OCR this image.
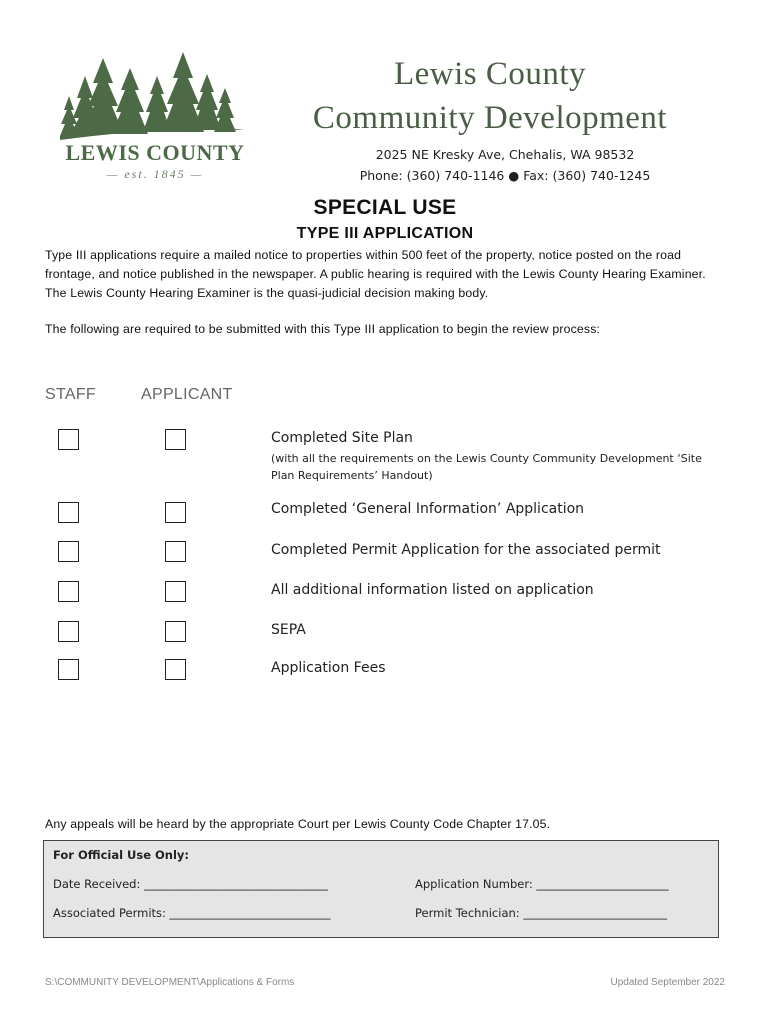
LEWIS COUNTY
— est. 1845 —
Lewis County
Community Development
2025 NE Kresky Ave, Chehalis, WA 98532
Phone: (360) 740-1146 ● Fax: (360) 740-1245
SPECIAL USE
TYPE III APPLICATION
Type III applications require a mailed notice to properties within 500 feet of the property, notice posted on the road frontage, and notice published in the newspaper. A public hearing is required with the Lewis County Hearing Examiner. The Lewis County Hearing Examiner is the quasi-judicial decision making body.
The following are required to be submitted with this Type III application to begin the review process:
STAFF	APPLICANT
Completed Site Plan
(with all the requirements on the Lewis County Community Development ‘Site Plan Requirements’ Handout)
Completed ‘General Information’ Application
Completed Permit Application for the associated permit
All additional information listed on application
SEPA
Application Fees
Any appeals will be heard by the appropriate Court per Lewis County Code Chapter 17.05.
For Official Use Only:
Date Received: ________________________________	Application Number: _______________________
Associated Permits: ____________________________	Permit Technician: _________________________
S:\COMMUNITY DEVELOPMENT\Applications & Forms	Updated September 2022
